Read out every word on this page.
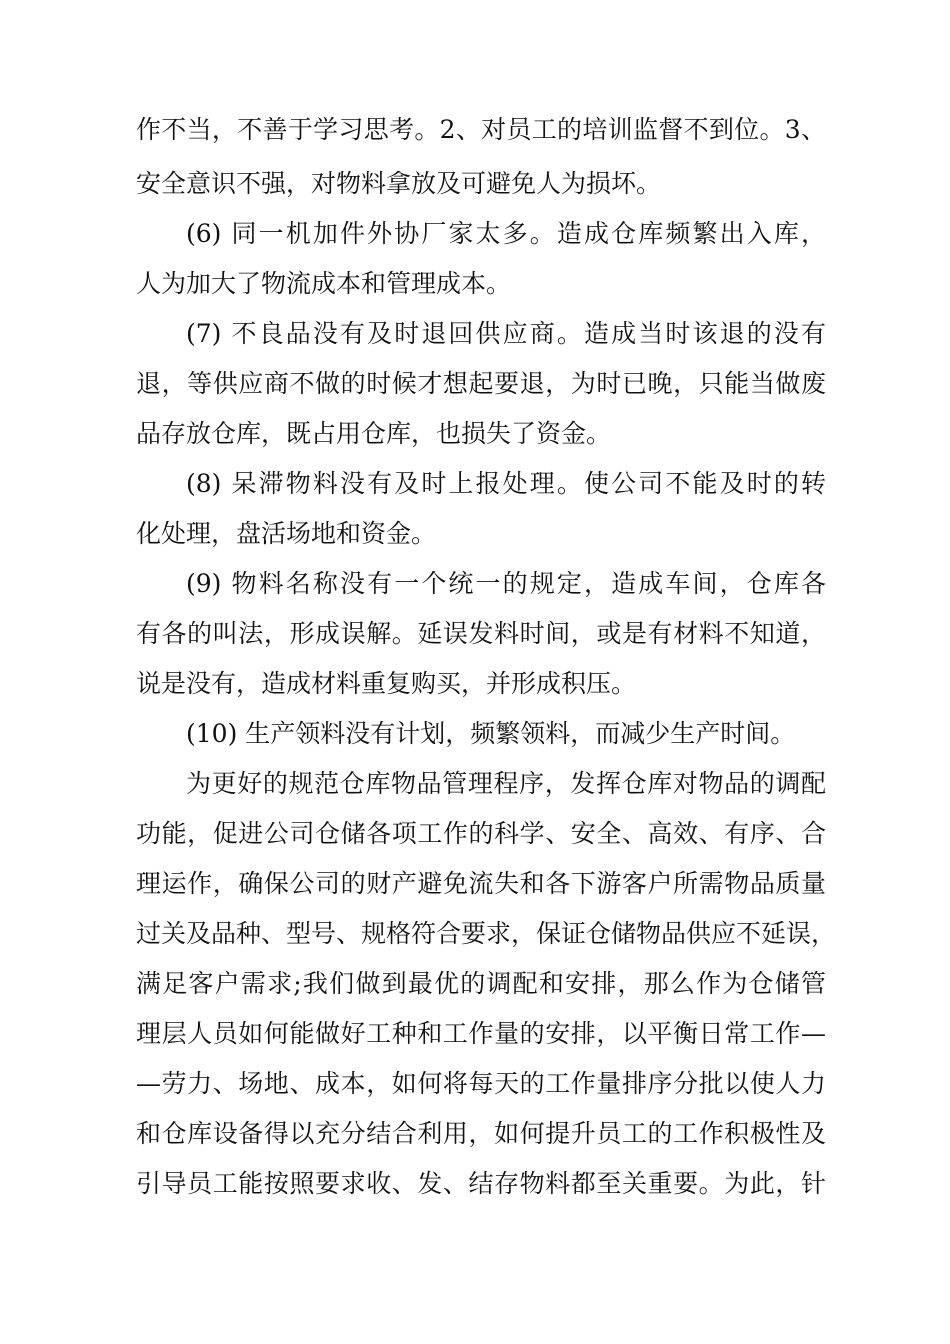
作不当，不善于学习思考。2、对员工的培训监督不到位。3、
安全意识不强，对物料拿放及可避免人为损坏。
(6) 同一机加件外协厂家太多。造成仓库频繁出入库，
人为加大了物流成本和管理成本。
(7) 不良品没有及时退回供应商。造成当时该退的没有
退，等供应商不做的时候才想起要退，为时已晚，只能当做废
品存放仓库，既占用仓库，也损失了资金。
(8) 呆滞物料没有及时上报处理。使公司不能及时的转
化处理，盘活场地和资金。
(9) 物料名称没有一个统一的规定，造成车间，仓库各
有各的叫法，形成误解。延误发料时间，或是有材料不知道，
说是没有，造成材料重复购买，并形成积压。
(10) 生产领料没有计划，频繁领料，而减少生产时间。
为更好的规范仓库物品管理程序，发挥仓库对物品的调配
功能，促进公司仓储各项工作的科学、安全、高效、有序、合
理运作，确保公司的财产避免流失和各下游客户所需物品质量
过关及品种、型号、规格符合要求，保证仓储物品供应不延误，
满足客户需求;我们做到最优的调配和安排，那么作为仓储管
理层人员如何能做好工种和工作量的安排，以平衡日常工作—
—劳力、场地、成本，如何将每天的工作量排序分批以使人力
和仓库设备得以充分结合利用，如何提升员工的工作积极性及
引导员工能按照要求收、发、结存物料都至关重要。为此，针
